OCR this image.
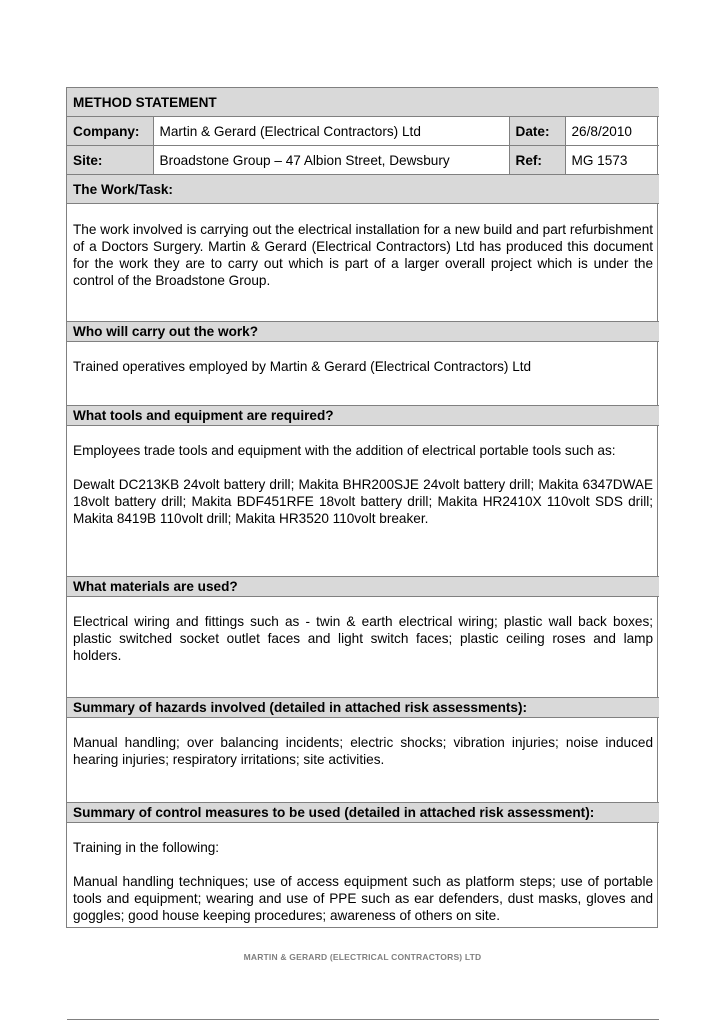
METHOD STATEMENT			
Company:	Martin & Gerard (Electrical Contractors) Ltd	Date:	26/8/2010
Site:	Broadstone Group – 47 Albion Street, Dewsbury	Ref:	MG 1573
The Work/Task:			

The work involved is carrying out the electrical installation for a new build and part refurbishment of a Doctors Surgery. Martin & Gerard (Electrical Contractors) Ltd has produced this document for the work they are to carry out which is part of a larger overall project which is under the control of the Broadstone Group.			

Who will carry out the work?			

Trained operatives employed by Martin & Gerard (Electrical Contractors) Ltd			

What tools and equipment are required?			

Employees trade tools and equipment with the addition of electrical portable tools such as:

Dewalt DC213KB 24volt battery drill; Makita BHR200SJE 24volt battery drill; Makita 6347DWAE 18volt battery drill; Makita BDF451RFE 18volt battery drill; Makita HR2410X 110volt SDS drill; Makita 8419B 110volt drill; Makita HR3520 110volt breaker.			

What materials are used?			

Electrical wiring and fittings such as - twin & earth electrical wiring; plastic wall back boxes; plastic switched socket outlet faces and light switch faces; plastic ceiling roses and lamp holders.			

Summary of hazards involved (detailed in attached risk assessments):			

Manual handling; over balancing incidents; electric shocks; vibration injuries; noise induced hearing injuries; respiratory irritations; site activities.			

Summary of control measures to be used (detailed in attached risk assessment):			

Training in the following:

Manual handling techniques; use of access equipment such as platform steps; use of portable tools and equipment; wearing and use of PPE such as ear defenders, dust masks, gloves and goggles; good house keeping procedures; awareness of others on site.			

MARTIN & GERARD (ELECTRICAL CONTRACTORS) LTD
